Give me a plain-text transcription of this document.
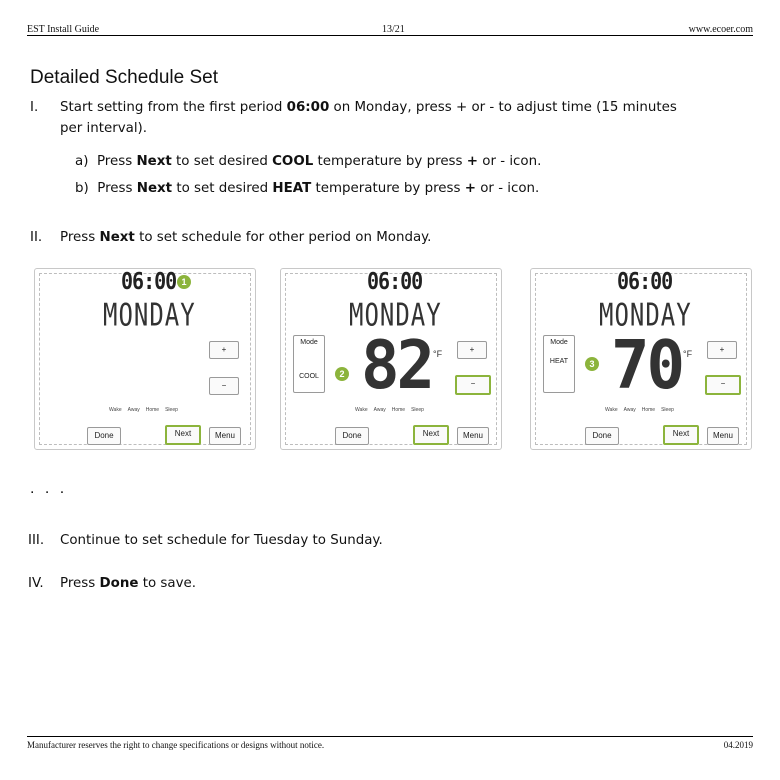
EST Install Guide	13/21	www.ecoer.com
Detailed Schedule Set
I. Start setting from the first period 06:00 on Monday, press + or - to adjust time (15 minutes
per interval).
a) Press Next to set desired COOL temperature by press + or - icon.
b) Press Next to set desired HEAT temperature by press + or - icon.
II. Press Next to set schedule for other period on Monday.
06:00 1
MONDAY
+
−
Wake Away Home Sleep
Done	Next	Menu
06:00
MONDAY
Mode
COOL	2 82 °F	+
−
Wake Away Home Sleep
Done	Next	Menu
06:00
MONDAY
Mode
HEAT	3 70 °F	+
−
Wake Away Home Sleep
Done	Next	Menu
. . .
III. Continue to set schedule for Tuesday to Sunday.
IV. Press Done to save.
Manufacturer reserves the right to change specifications or designs without notice.	04.2019
